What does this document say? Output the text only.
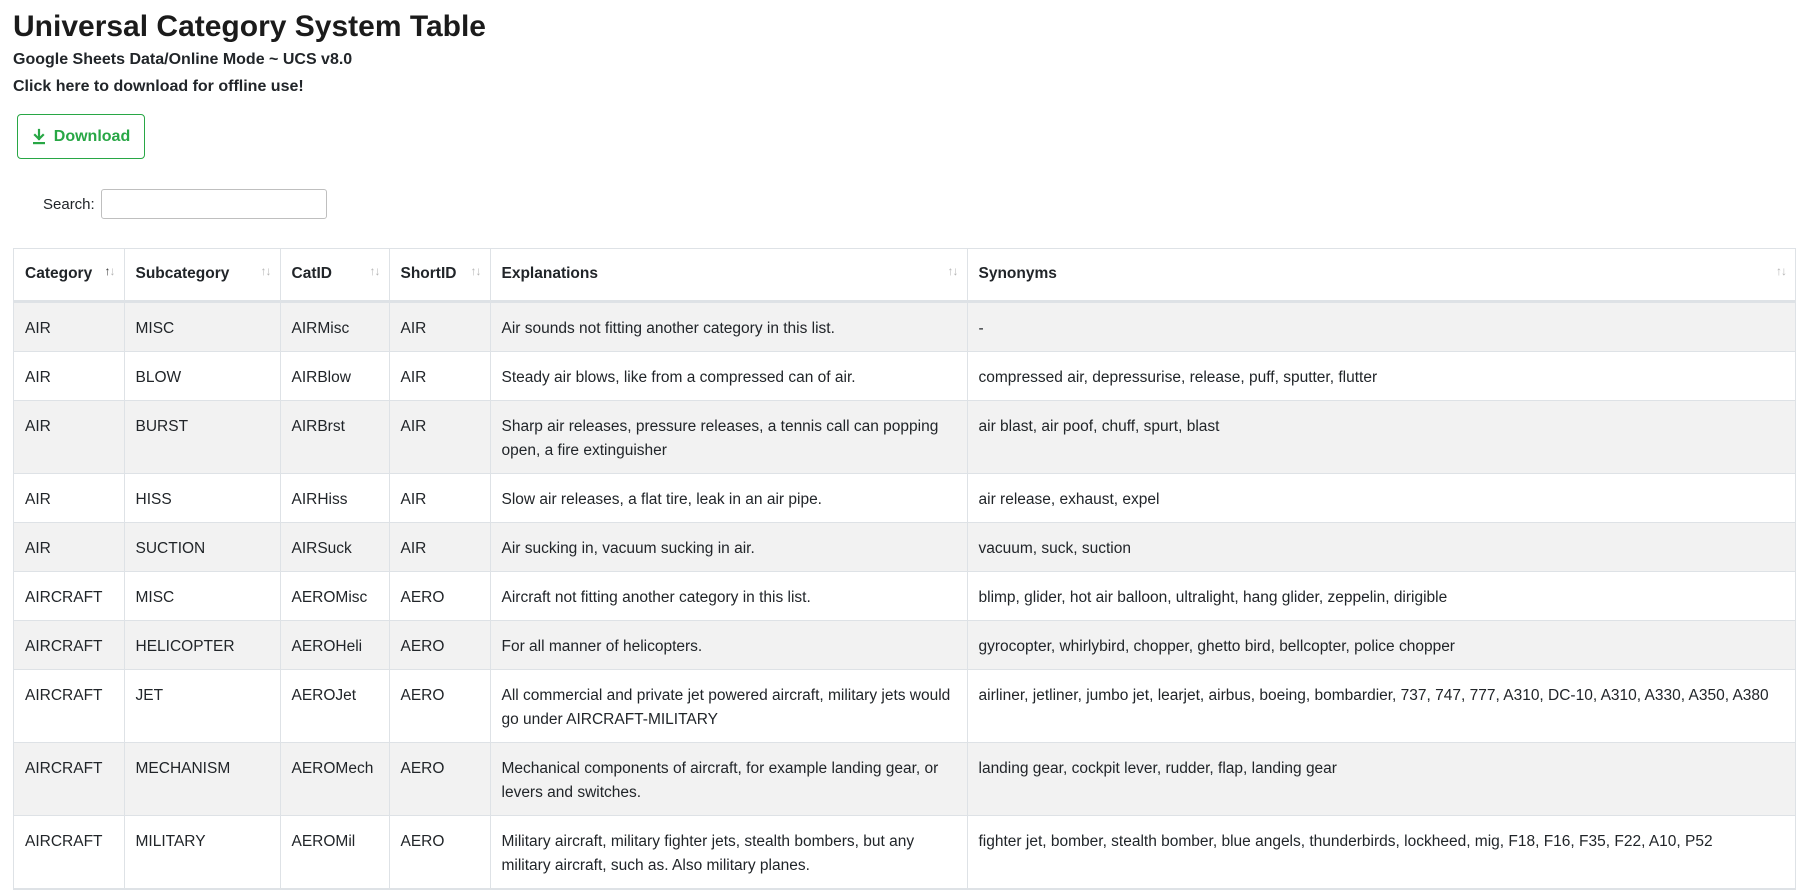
Universal Category System Table

Google Sheets Data/Online Mode ~ UCS v8.0

Click here to download for offline use!

Download
Search:
Category ↑↓	Subcategory ↑↓	CatID ↑↓	ShortID ↑↓	Explanations ↑↓	Synonyms ↑↓

AIR	MISC	AIRMisc	AIR	Air sounds not fitting another category in this list.	-
AIR	BLOW	AIRBlow	AIR	Steady air blows, like from a compressed can of air.	compressed air, depressurise, release, puff, sputter, flutter
AIR	BURST	AIRBrst	AIR	Sharp air releases, pressure releases, a tennis call can popping open, a fire extinguisher	air blast, air poof, chuff, spurt, blast
AIR	HISS	AIRHiss	AIR	Slow air releases, a flat tire, leak in an air pipe.	air release, exhaust, expel
AIR	SUCTION	AIRSuck	AIR	Air sucking in, vacuum sucking in air.	vacuum, suck, suction
AIRCRAFT	MISC	AEROMisc	AERO	Aircraft not fitting another category in this list.	blimp, glider, hot air balloon, ultralight, hang glider, zeppelin, dirigible
AIRCRAFT	HELICOPTER	AEROHeli	AERO	For all manner of helicopters.	gyrocopter, whirlybird, chopper, ghetto bird, bellcopter, police chopper
AIRCRAFT	JET	AEROJet	AERO	All commercial and private jet powered aircraft, military jets would go under AIRCRAFT-MILITARY	airliner, jetliner, jumbo jet, learjet, airbus, boeing, bombardier, 737, 747, 777, A310, DC-10, A310, A330, A350, A380
AIRCRAFT	MECHANISM	AEROMech	AERO	Mechanical components of aircraft, for example landing gear, or levers and switches.	landing gear, cockpit lever, rudder, flap, landing gear
AIRCRAFT	MILITARY	AEROMil	AERO	Military aircraft, military fighter jets, stealth bombers, but any military aircraft, such as. Also military planes.	fighter jet, bomber, stealth bomber, blue angels, thunderbirds, lockheed, mig, F18, F16, F35, F22, A10, P52
